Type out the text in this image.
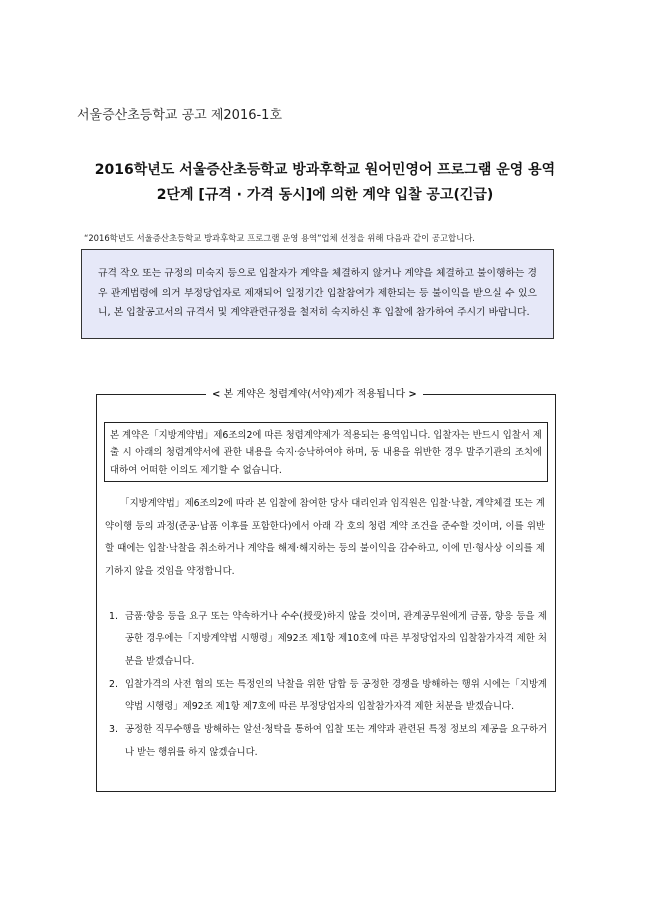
서울증산초등학교 공고 제2016-1호
2016학년도 서울증산초등학교 방과후학교 원어민영어 프로그램 운영 용역
2단계 [규격 · 가격 동시]에 의한 계약 입찰 공고(긴급)
“2016학년도 서울증산초등학교 방과후학교 프로그램 운영 용역”업체 선정을 위해 다음과 같이 공고합니다.
규격 작오 또는 규정의 미숙지 등으로 입찰자가 계약을 체결하지 않거나 계약을 체결하고 불이행하는 경우 관계법령에 의거 부정당업자로 제재되어 일정기간 입찰참여가 제한되는 등 불이익을 받으실 수 있으니, 본 입찰공고서의 규격서 및 계약관련규정을 철저히 숙지하신 후 입찰에 참가하여 주시기 바랍니다.
< 본 계약은 청렴계약(서약)제가 적용됩니다 >
본 계약은「지방계약법」제6조의2에 따른 청렴계약제가 적용되는 용역입니다. 입찰자는 반드시 입찰서 제출 시 아래의 청렴계약서에 관한 내용을 숙지·승낙하여야 하며, 동 내용을 위반한 경우 발주기관의 조치에 대하여 어떠한 이의도 제기할 수 없습니다.
「지방계약법」제6조의2에 따라 본 입찰에 참여한 당사 대리인과 임직원은 입찰·낙찰, 계약체결 또는 계약이행 등의 과정(준공·납품 이후를 포함한다)에서 아래 각 호의 청렴 계약 조건을 준수할 것이며, 이를 위반할 때에는 입찰·낙찰을 취소하거나 계약을 해제·해지하는 등의 불이익을 감수하고, 이에 민·형사상 이의를 제기하지 않을 것임을 약정합니다.
1. 금품·향응 등을 요구 또는 약속하거나 수수(授受)하지 않을 것이며, 관계공무원에게 금품, 향응 등을 제공한 경우에는「지방계약법 시행령」제92조 제1항 제10호에 따른 부정당업자의 입찰참가자격 제한 처분을 받겠습니다.
2. 입찰가격의 사전 협의 또는 특정인의 낙찰을 위한 담합 등 공정한 경쟁을 방해하는 행위 시에는「지방계약법 시행령」제92조 제1항 제7호에 따른 부정당업자의 입찰참가자격 제한 처분을 받겠습니다.
3. 공정한 직무수행을 방해하는 알선·청탁을 통하여 입찰 또는 계약과 관련된 특정 정보의 제공을 요구하거나 받는 행위를 하지 않겠습니다.
